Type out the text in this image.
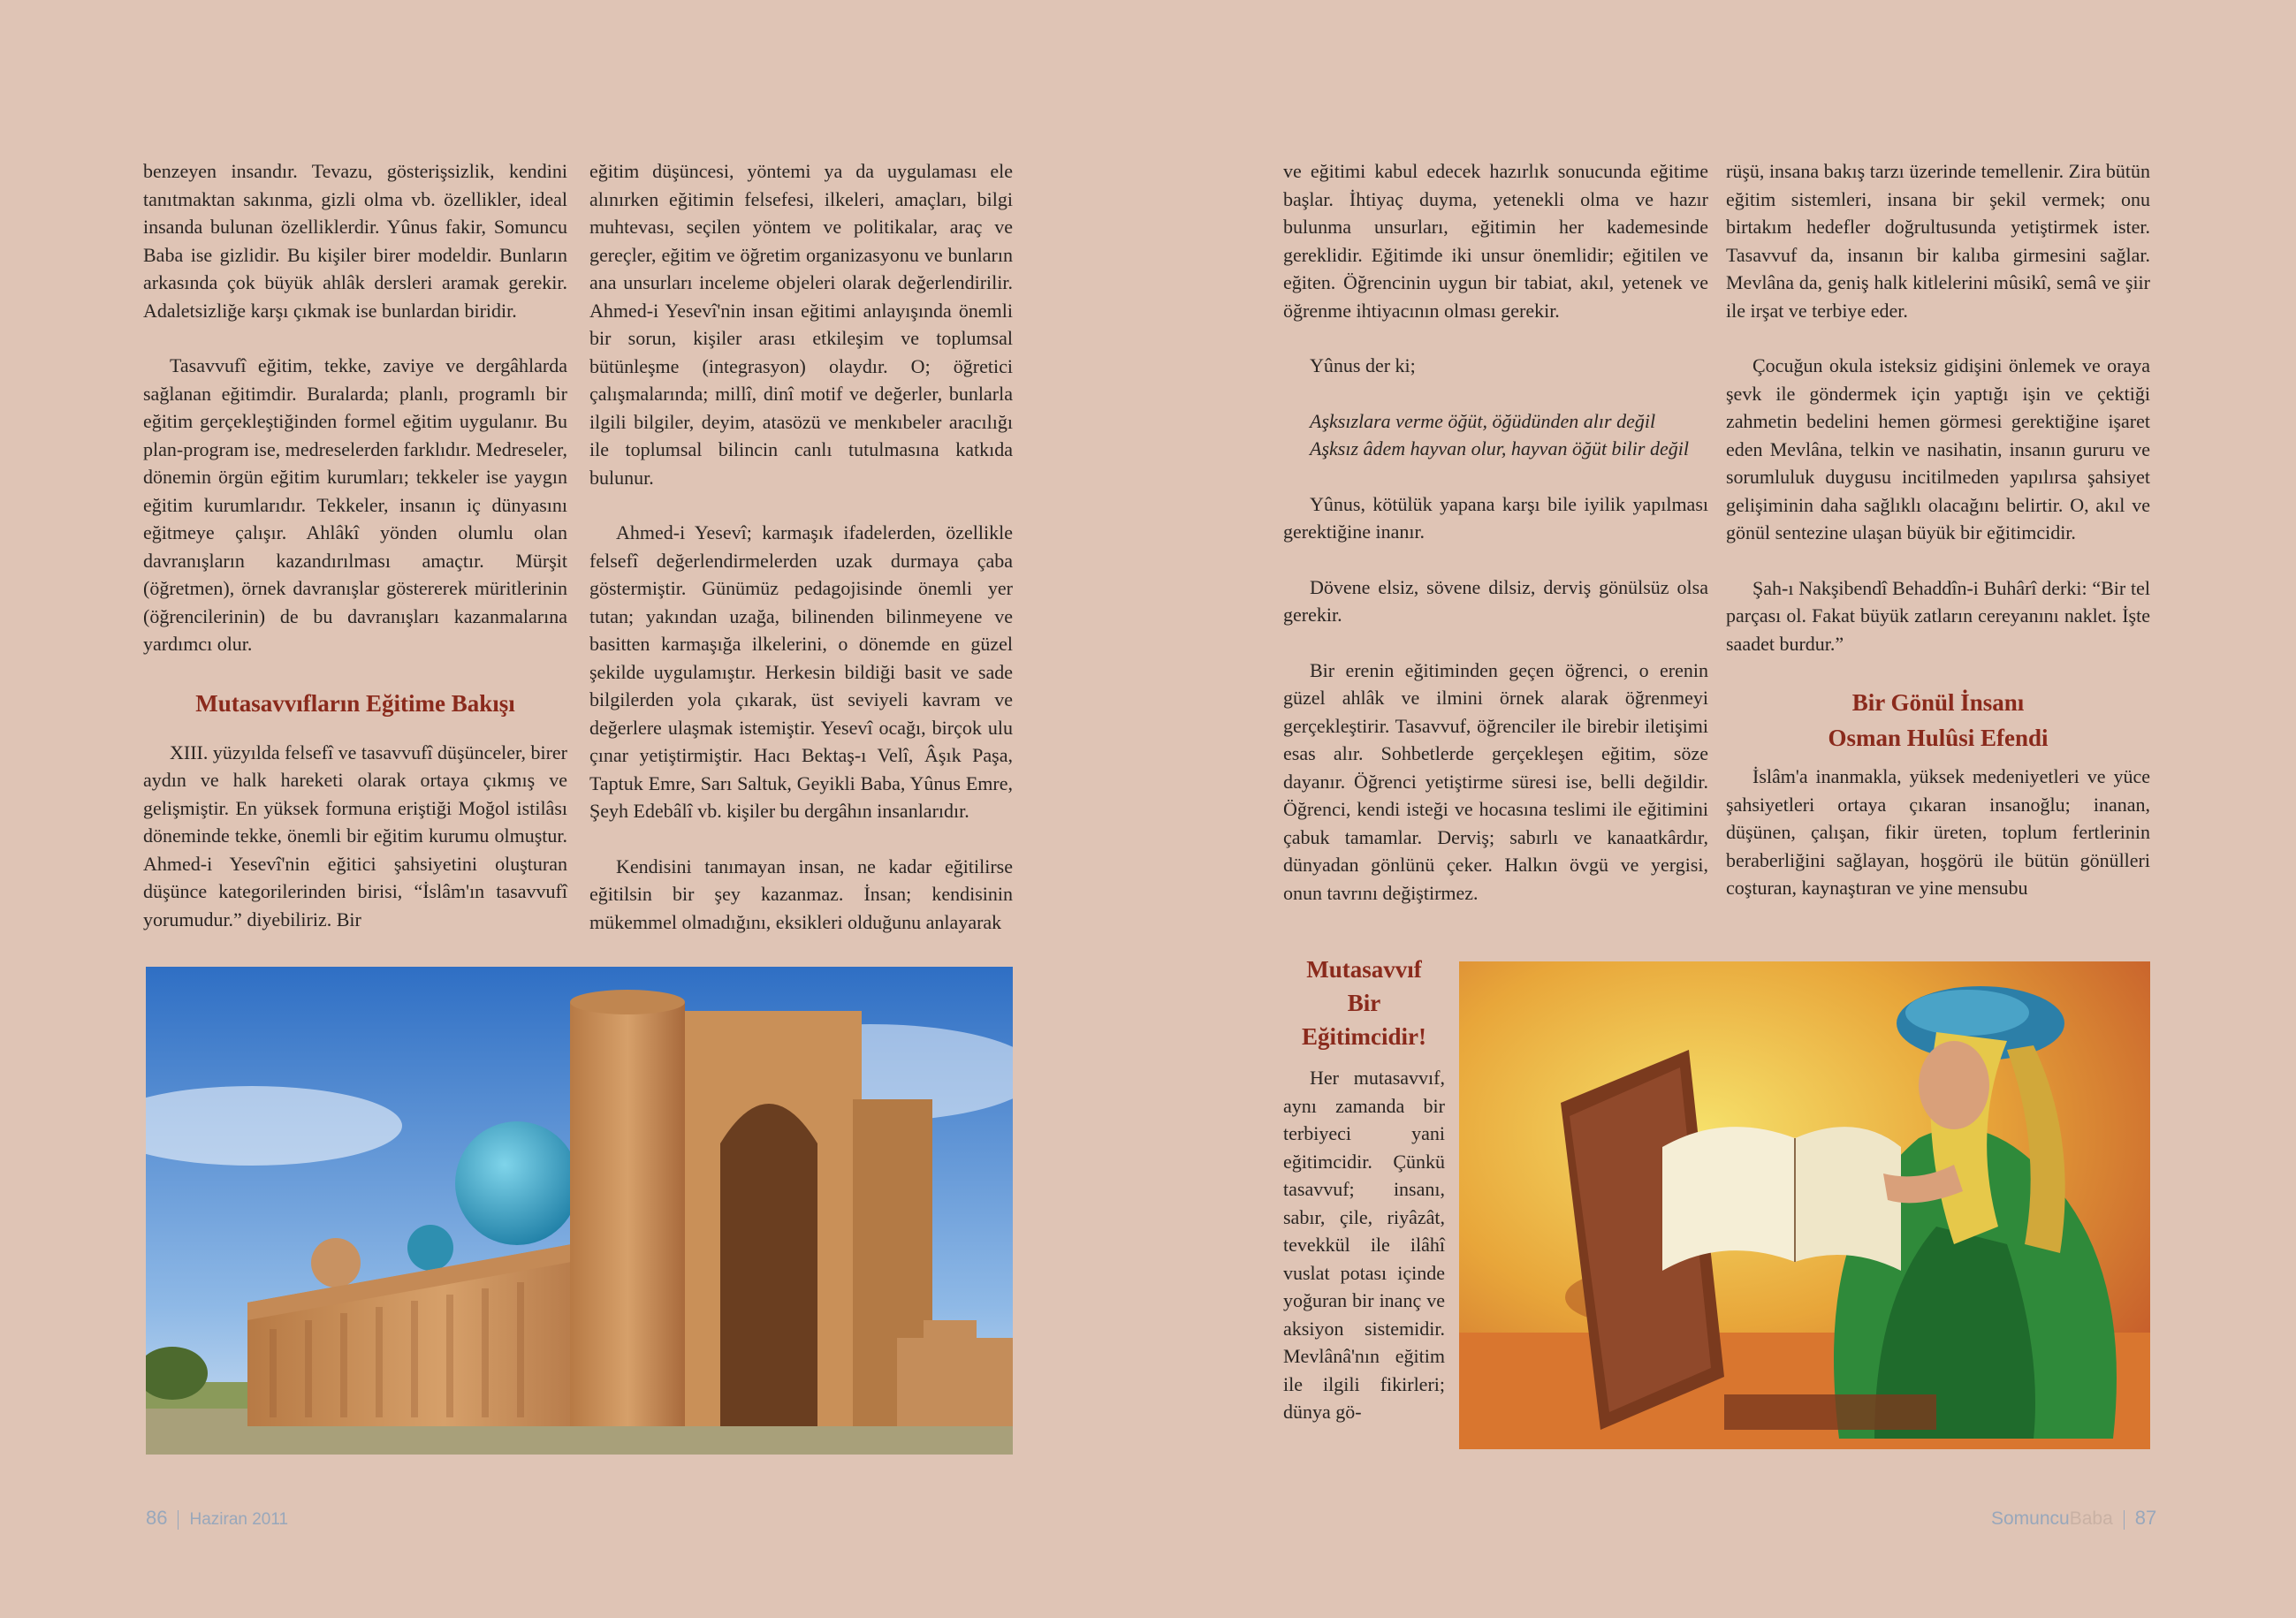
benzeyen insandır. Tevazu, gösterişsizlik, kendini tanıtmaktan sakınma, gizli olma vb. özellikler, ideal insanda bulunan özelliklerdir. Yûnus fakir, Somuncu Baba ise gizlidir. Bu kişiler birer modeldir. Bunların arkasında çok büyük ahlâk dersleri aramak gerekir. Adaletsizliğe karşı çıkmak ise bunlardan biridir.

Tasavvufî eğitim, tekke, zaviye ve dergâhlarda sağlanan eğitimdir. Buralarda; planlı, programlı bir eğitim gerçekleştiğinden formel eğitim uygulanır. Bu plan-program ise, medreselerden farklıdır. Medreseler, dönemin örgün eğitim kurumları; tekkeler ise yaygın eğitim kurumlarıdır. Tekkeler, insanın iç dünyasını eğitmeye çalışır. Ahlâkî yönden olumlu olan davranışların kazandırılması amaçtır. Mürşit (öğretmen), örnek davranışlar göstererek müritlerinin (öğrencilerinin) de bu davranışları kazanmalarına yardımcı olur.

Mutasavvıfların Eğitime Bakışı

XIII. yüzyılda felsefî ve tasavvufî düşünceler, birer aydın ve halk hareketi olarak ortaya çıkmış ve gelişmiştir. En yüksek formuna eriştiği Moğol istilâsı döneminde tekke, önemli bir eğitim kurumu olmuştur. Ahmed-i Yesevî'nin eğitici şahsiyetini oluşturan düşünce kategorilerinden birisi, “İslâm'ın tasavvufî yorumudur.” diyebiliriz. Bir

eğitim düşüncesi, yöntemi ya da uygulaması ele alınırken eğitimin felsefesi, ilkeleri, amaçları, bilgi muhtevası, seçilen yöntem ve politikalar, araç ve gereçler, eğitim ve öğretim organizasyonu ve bunların ana unsurları inceleme objeleri olarak değerlendirilir. Ahmed-i Yesevî'nin insan eğitimi anlayışında önemli bir sorun, kişiler arası etkileşim ve toplumsal bütünleşme (integrasyon) olaydır. O; öğretici çalışmalarında; millî, dinî motif ve değerler, bunlarla ilgili bilgiler, deyim, atasözü ve menkıbeler aracılığı ile toplumsal bilincin canlı tutulmasına katkıda bulunur.

Ahmed-i Yesevî; karmaşık ifadelerden, özellikle felsefî değerlendirmelerden uzak durmaya çaba göstermiştir. Günümüz pedagojisinde önemli yer tutan; yakından uzağa, bilinenden bilinmeyene ve basitten karmaşığa ilkelerini, o dönemde en güzel şekilde uygulamıştır. Herkesin bildiği basit ve sade bilgilerden yola çıkarak, üst seviyeli kavram ve değerlere ulaşmak istemiştir. Yesevî ocağı, birçok ulu çınar yetiştirmiştir. Hacı Bektaş-ı Velî, Âşık Paşa, Taptuk Emre, Sarı Saltuk, Geyikli Baba, Yûnus Emre, Şeyh Edebâlî vb. kişiler bu dergâhın insanlarıdır.

Kendisini tanımayan insan, ne kadar eğitilirse eğitilsin bir şey kazanmaz. İnsan; kendisinin mükemmel olmadığını, eksikleri olduğunu anlayarak

86 Haziran 2011

ve eğitimi kabul edecek hazırlık sonucunda eğitime başlar. İhtiyaç duyma, yetenekli olma ve hazır bulunma unsurları, eğitimin her kademesinde gereklidir. Eğitimde iki unsur önemlidir; eğitilen ve eğiten. Öğrencinin uygun bir tabiat, akıl, yetenek ve öğrenme ihtiyacının olması gerekir.

Yûnus der ki;

Aşksızlara verme öğüt, öğüdünden alır değil

Aşksız âdem hayvan olur, hayvan öğüt bilir değil

Yûnus, kötülük yapana karşı bile iyilik yapılması gerektiğine inanır.

Dövene elsiz, sövene dilsiz, derviş gönülsüz olsa gerekir.

Bir erenin eğitiminden geçen öğrenci, o erenin güzel ahlâk ve ilmini örnek alarak öğrenmeyi gerçekleştirir. Tasavvuf, öğrenciler ile birebir iletişimi esas alır. Sohbetlerde gerçekleşen eğitim, söze dayanır. Öğrenci yetiştirme süresi ise, belli değildir. Öğrenci, kendi isteği ve hocasına teslimi ile eğitimini çabuk tamamlar. Derviş; sabırlı ve kanaatkârdır, dünyadan gönlünü çeker. Halkın övgü ve yergisi, onun tavrını değiştirmez.

rüşü, insana bakış tarzı üzerinde temellenir. Zira bütün eğitim sistemleri, insana bir şekil vermek; onu birtakım hedefler doğrultusunda yetiştirmek ister. Tasavvuf da, insanın bir kalıba girmesini sağlar. Mevlâna da, geniş halk kitlelerini mûsikî, semâ ve şiir ile irşat ve terbiye eder.

Çocuğun okula isteksiz gidişini önlemek ve oraya şevk ile göndermek için yaptığı işin ve çektiği zahmetin bedelini hemen görmesi gerektiğine işaret eden Mevlâna, telkin ve nasihatin, insanın gururu ve sorumluluk duygusu incitilmeden yapılırsa şahsiyet gelişiminin daha sağlıklı olacağını belirtir. O, akıl ve gönül sentezine ulaşan büyük bir eğitimcidir.

Şah-ı Nakşibendî Behaddîn-i Buhârî derki: “Bir tel parçası ol. Fakat büyük zatların cereyanını naklet. İşte saadet burdur.”

Bir Gönül İnsanı
Osman Hulûsi Efendi

İslâm'a inanmakla, yüksek medeniyetleri ve yüce şahsiyetleri ortaya çıkaran insanoğlu; inanan, düşünen, çalışan, fikir üreten, toplum fertlerinin beraberliğini sağlayan, hoşgörü ile bütün gönülleri coşturan, kaynaştıran ve yine mensubu

Mutasavvıf
Bir
Eğitimcidir!

Her mutasavvıf, aynı zamanda bir terbiyeci yani eğitimcidir. Çünkü tasavvuf; insanı, sabır, çile, riyâzât, tevekkül ile ilâhî vuslat potası içinde yoğuran bir inanç ve aksiyon sistemidir. Mevlânâ'nın eğitim ile ilgili fikirleri; dünya gö-

SomuncuBaba 87
